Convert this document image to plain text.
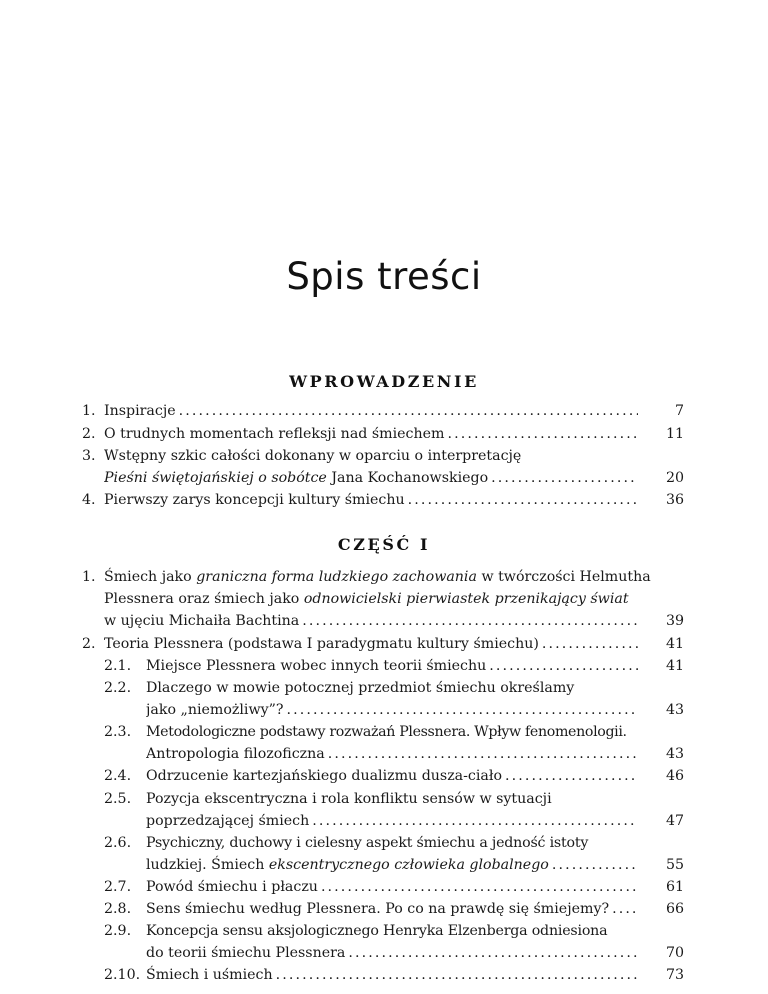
Spis treści
WPROWADZENIE
1. Inspiracje . . .	7
2. O trudnych momentach refleksji nad śmiechem . . .	11
3. Wstępny szkic całości dokonany w oparciu o interpretację
Pieśni świętojańskiej o sobótce Jana Kochanowskiego . . .	20
4. Pierwszy zarys koncepcji kultury śmiechu . . .	36
CZĘŚĆ I
1. Śmiech jako graniczna forma ludzkiego zachowania w twórczości Helmutha
Plessnera oraz śmiech jako odnowicielski pierwiastek przenikający świat
w ujęciu Michaiła Bachtina . . .	39
2. Teoria Plessnera (podstawa I paradygmatu kultury śmiechu) . . .	41
2.1. Miejsce Plessnera wobec innych teorii śmiechu . . .	41
2.2. Dlaczego w mowie potocznej przedmiot śmiechu określamy
jako „niemożliwy”? . . .	43
2.3. Metodologiczne podstawy rozważań Plessnera. Wpływ fenomenologii.
Antropologia filozoficzna . . .	43
2.4. Odrzucenie kartezjańskiego dualizmu dusza-ciało . . .	46
2.5. Pozycja ekscentryczna i rola konfliktu sensów w sytuacji
poprzedzającej śmiech . . .	47
2.6. Psychiczny, duchowy i cielesny aspekt śmiechu a jedność istoty
ludzkiej. Śmiech ekscentrycznego człowieka globalnego . . .	55
2.7. Powód śmiechu i płaczu . . .	61
2.8. Sens śmiechu według Plessnera. Po co na prawdę się śmiejemy? . . .	66
2.9. Koncepcja sensu aksjologicznego Henryka Elzenberga odniesiona
do teorii śmiechu Plessnera . . .	70
2.10. Śmiech i uśmiech . . .	73
